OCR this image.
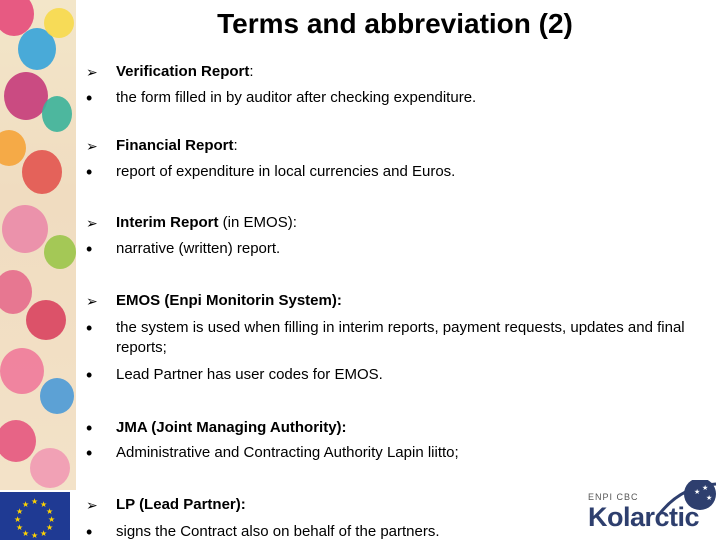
★ ★
★
★
★
★
★
★
★
★
★
★
Terms and abbreviation (2)
➢	Verification Report:
•	the form filled in by auditor after checking expenditure.
➢	Financial Report:
•	report of expenditure in local currencies and Euros.
➢	Interim Report (in EMOS):
•	narrative (written) report.
➢	EMOS (Enpi Monitorin System):
•	the system is used when filling in interim reports, payment requests, updates and final reports;
•	Lead Partner has user codes for EMOS.
•	JMA (Joint Managing Authority):
•	Administrative and Contracting Authority Lapin liitto;
➢	LP (Lead Partner):
•	signs the Contract also on behalf of the partners.
★ ★
★
ENPI CBC
Kolarctic
